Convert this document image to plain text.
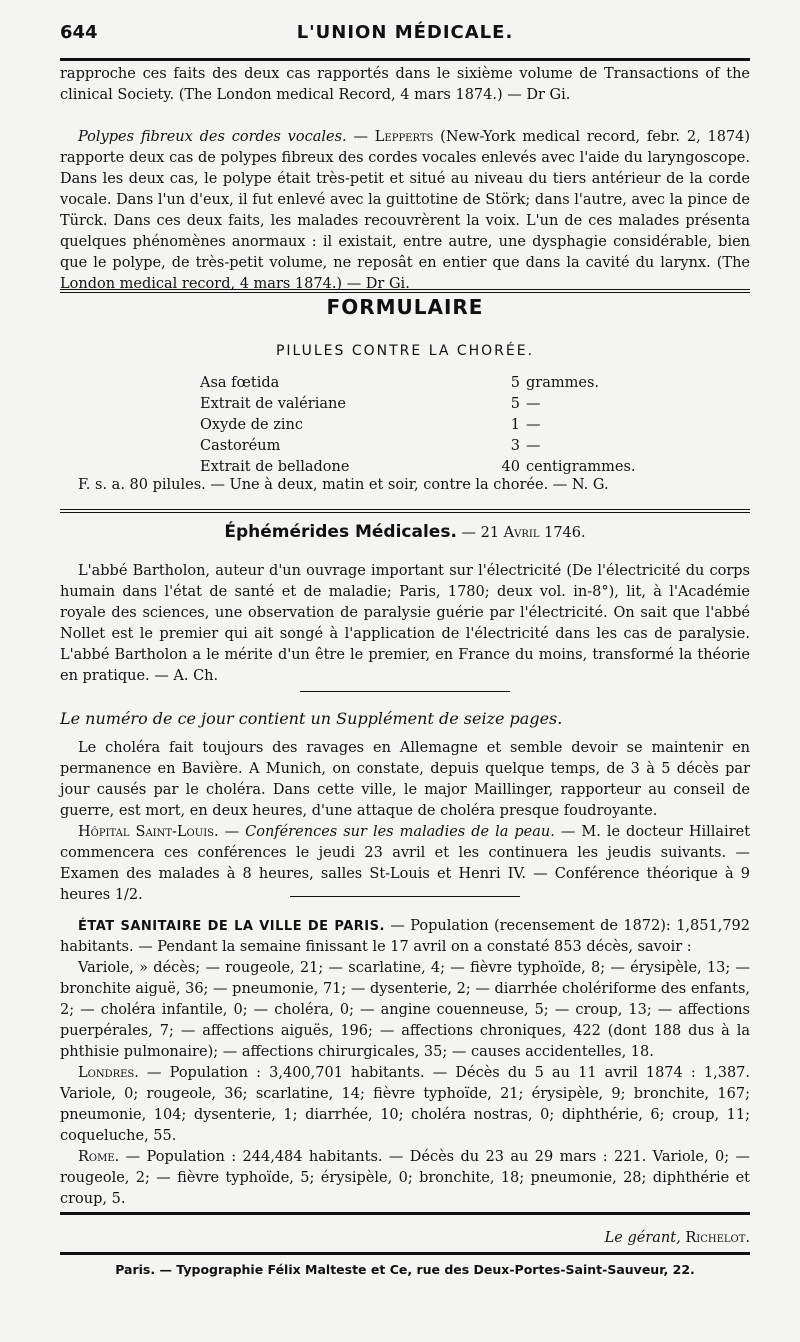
644	L'UNION MÉDICALE.
rapproche ces faits des deux cas rapportés dans le sixième volume de Transactions of the clinical Society. (The London medical Record, 4 mars 1874.) — Dr Gi.
Polypes fibreux des cordes vocales. — Lepperts (New-York medical record, febr. 2, 1874) rapporte deux cas de polypes fibreux des cordes vocales enlevés avec l'aide du laryngoscope. Dans les deux cas, le polype était très-petit et situé au niveau du tiers antérieur de la corde vocale. Dans l'un d'eux, il fut enlevé avec la guittotine de Störk; dans l'autre, avec la pince de Türck. Dans ces deux faits, les malades recouvrèrent la voix. L'un de ces malades présenta quelques phénomènes anormaux : il existait, entre autre, une dysphagie considérable, bien que le polype, de très-petit volume, ne reposât en entier que dans la cavité du larynx. (The London medical record, 4 mars 1874.) — Dr Gi.
FORMULAIRE
PILULES CONTRE LA CHORÉE.
Asa fœtida	5	grammes.
Extrait de valériane	5	—
Oxyde de zinc	1	—
Castoréum	3	—
Extrait de belladone	40	centigrammes.
F. s. a. 80 pilules. — Une à deux, matin et soir, contre la chorée. — N. G.
Éphémérides Médicales. — 21 Avril 1746.
L'abbé Bartholon, auteur d'un ouvrage important sur l'électricité (De l'électricité du corps humain dans l'état de santé et de maladie; Paris, 1780; deux vol. in-8°), lit, à l'Académie royale des sciences, une observation de paralysie guérie par l'électricité. On sait que l'abbé Nollet est le premier qui ait songé à l'application de l'électricité dans les cas de paralysie. L'abbé Bartholon a le mérite d'un être le premier, en France du moins, transformé la théorie en pratique. — A. Ch.
Le numéro de ce jour contient un Supplément de seize pages.
Le choléra fait toujours des ravages en Allemagne et semble devoir se maintenir en permanence en Bavière. A Munich, on constate, depuis quelque temps, de 3 à 5 décès par jour causés par le choléra. Dans cette ville, le major Maillinger, rapporteur au conseil de guerre, est mort, en deux heures, d'une attaque de choléra presque foudroyante.
Hôpital Saint-Louis. — Conférences sur les maladies de la peau. — M. le docteur Hillairet commencera ces conférences le jeudi 23 avril et les continuera les jeudis suivants. — Examen des malades à 8 heures, salles St-Louis et Henri IV. — Conférence théorique à 9 heures 1/2.
ÉTAT SANITAIRE DE LA VILLE DE PARIS. — Population (recensement de 1872): 1,851,792 habitants. — Pendant la semaine finissant le 17 avril on a constaté 853 décès, savoir :
Variole, » décès; — rougeole, 21; — scarlatine, 4; — fièvre typhoïde, 8; — érysipèle, 13; — bronchite aiguë, 36; — pneumonie, 71; — dysenterie, 2; — diarrhée cholériforme des enfants, 2; — choléra infantile, 0; — choléra, 0; — angine couenneuse, 5; — croup, 13; — affections puerpérales, 7; — affections aiguës, 196; — affections chroniques, 422 (dont 188 dus à la phthisie pulmonaire); — affections chirurgicales, 35; — causes accidentelles, 18.
Londres. — Population : 3,400,701 habitants. — Décès du 5 au 11 avril 1874 : 1,387. Variole, 0; rougeole, 36; scarlatine, 14; fièvre typhoïde, 21; érysipèle, 9; bronchite, 167; pneumonie, 104; dysenterie, 1; diarrhée, 10; choléra nostras, 0; diphthérie, 6; croup, 11; coqueluche, 55.
Rome. — Population : 244,484 habitants. — Décès du 23 au 29 mars : 221. Variole, 0; — rougeole, 2; — fièvre typhoïde, 5; érysipèle, 0; bronchite, 18; pneumonie, 28; diphthérie et croup, 5.
Le gérant, Richelot.
Paris. — Typographie Félix Malteste et Ce, rue des Deux-Portes-Saint-Sauveur, 22.
